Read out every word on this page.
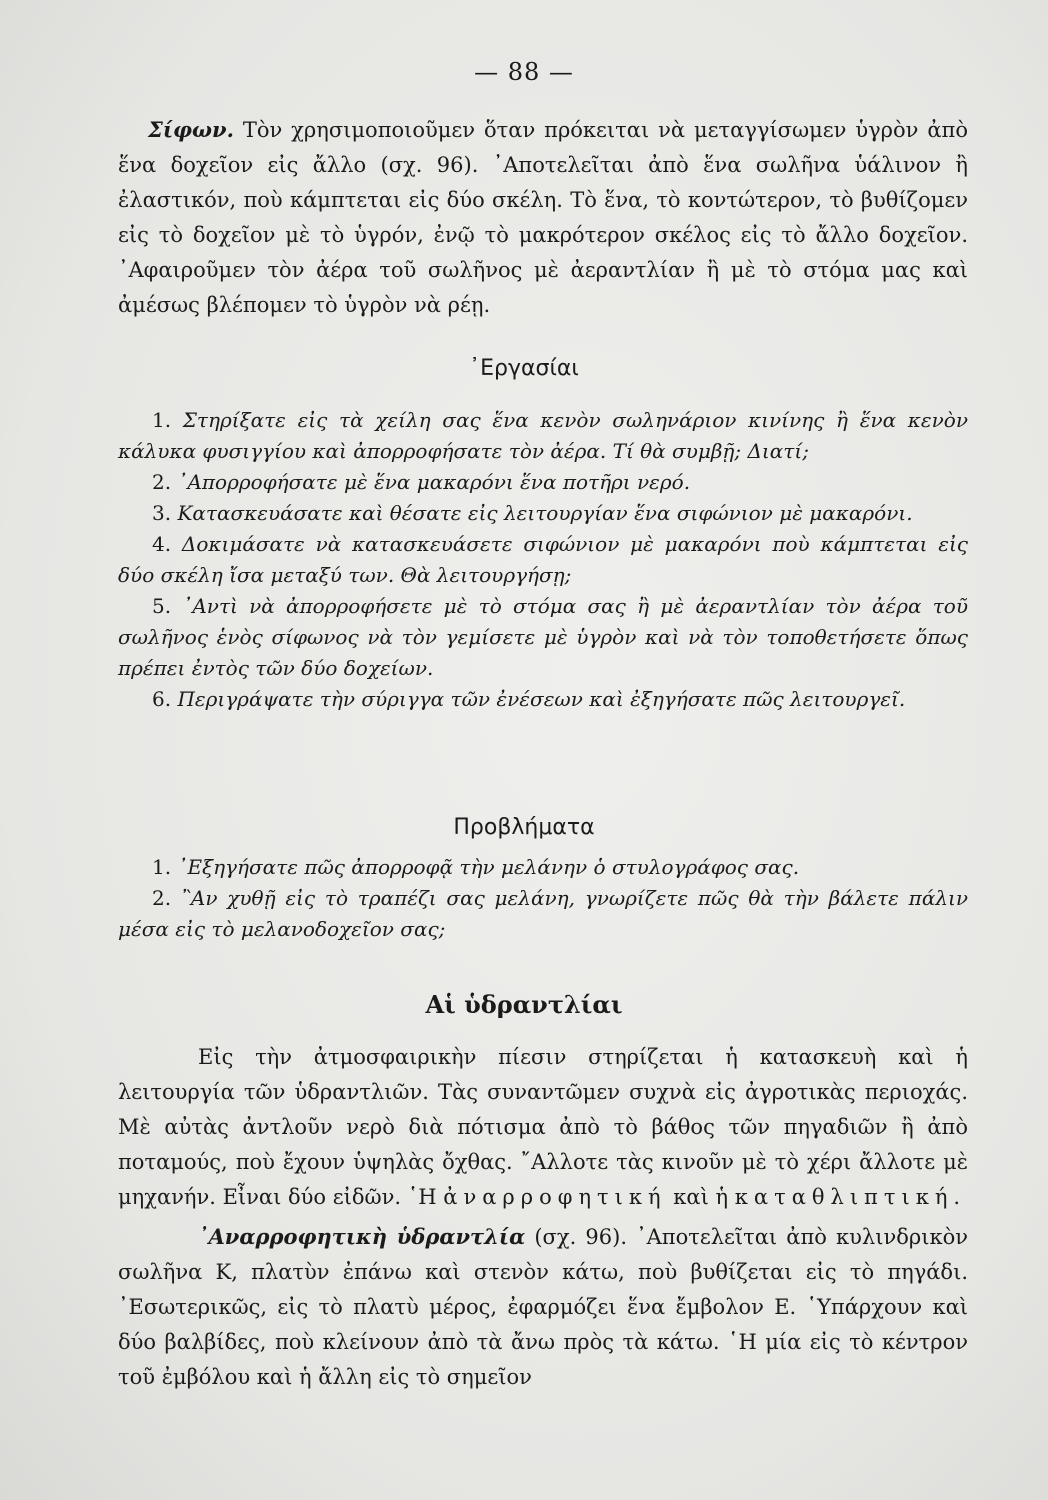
— 88 —

Σίφων. Τὸν χρησιμοποιοῦμεν ὅταν πρόκειται νὰ μεταγγίσωμεν ὑγρὸν ἀπὸ ἕνα δοχεῖον εἰς ἄλλο (σχ. 96). ᾿Αποτελεῖται ἀπὸ ἕνα σωλῆνα ὑάλινον ἢ ἐλαστικόν, ποὺ κάμπτεται εἰς δύο σκέλη. Τὸ ἕνα, τὸ κοντώτερον, τὸ βυθίζομεν εἰς τὸ δοχεῖον μὲ τὸ ὑγρόν, ἐνῷ τὸ μακρότερον σκέλος εἰς τὸ ἄλλο δοχεῖον. ᾿Αφαιροῦμεν τὸν ἀέρα τοῦ σωλῆνος μὲ ἀεραντλίαν ἢ μὲ τὸ στόμα μας καὶ ἀμέσως βλέπομεν τὸ ὑγρὸν νὰ ρέῃ.

᾿Εργασίαι

1. Στηρίξατε εἰς τὰ χείλη σας ἕνα κενὸν σωληνάριον κινίνης ἢ ἕνα κενὸν κάλυκα φυσιγγίου καὶ ἀπορροφήσατε τὸν ἀέρα. Τί θὰ συμβῇ; Διατί;

2. ᾿Απορροφήσατε μὲ ἕνα μακαρόνι ἕνα ποτῆρι νερό.

3. Κατασκευάσατε καὶ θέσατε εἰς λειτουργίαν ἕνα σιφώνιον μὲ μακαρόνι.

4. Δοκιμάσατε νὰ κατασκευάσετε σιφώνιον μὲ μακαρόνι ποὺ κάμπτεται εἰς δύο σκέλη ἴσα μεταξύ των. Θὰ λειτουργήσῃ;

5. ᾿Αντὶ νὰ ἀπορροφήσετε μὲ τὸ στόμα σας ἢ μὲ ἀεραντλίαν τὸν ἀέρα τοῦ σωλῆνος ἑνὸς σίφωνος νὰ τὸν γεμίσετε μὲ ὑγρὸν καὶ νὰ τὸν τοποθετήσετε ὅπως πρέπει ἐντὸς τῶν δύο δοχείων.

6. Περιγράψατε τὴν σύριγγα τῶν ἐνέσεων καὶ ἐξηγήσατε πῶς λειτουργεῖ.

Προβλήματα

1. ᾿Εξηγήσατε πῶς ἀπορροφᾷ τὴν μελάνην ὁ στυλογράφος σας.

2. ῍Αν χυθῇ εἰς τὸ τραπέζι σας μελάνη, γνωρίζετε πῶς θὰ τὴν βάλετε πάλιν μέσα εἰς τὸ μελανοδοχεῖον σας;

Αἱ ὑδραντλίαι

Εἰς τὴν ἀτμοσφαιρικὴν πίεσιν στηρίζεται ἡ κατασκευὴ καὶ ἡ λειτουργία τῶν ὑδραντλιῶν. Τὰς συναντῶμεν συχνὰ εἰς ἀγροτικὰς περιοχάς. Μὲ αὐτὰς ἀντλοῦν νερὸ διὰ πότισμα ἀπὸ τὸ βάθος τῶν πηγαδιῶν ἢ ἀπὸ ποταμούς, ποὺ ἔχουν ὑψηλὰς ὄχθας. ῎Αλλοτε τὰς κινοῦν μὲ τὸ χέρι ἄλλοτε μὲ μηχανήν. Εἶναι δύο εἰδῶν. ῾Η ἀναρροφητική καὶ ἡ καταθλιπτική.

᾿Αναρροφητικὴ ὑδραντλία (σχ. 96). ᾿Αποτελεῖται ἀπὸ κυλινδρικὸν σωλῆνα Κ, πλατὺν ἐπάνω καὶ στενὸν κάτω, ποὺ βυθίζεται εἰς τὸ πηγάδι. ᾿Εσωτερικῶς, εἰς τὸ πλατὺ μέρος, ἐφαρμόζει ἕνα ἔμβολον Ε. ῾Υπάρχουν καὶ δύο βαλβίδες, ποὺ κλείνουν ἀπὸ τὰ ἄνω πρὸς τὰ κάτω. ῾Η μία εἰς τὸ κέντρον τοῦ ἐμβόλου καὶ ἡ ἄλλη εἰς τὸ σημεῖον
